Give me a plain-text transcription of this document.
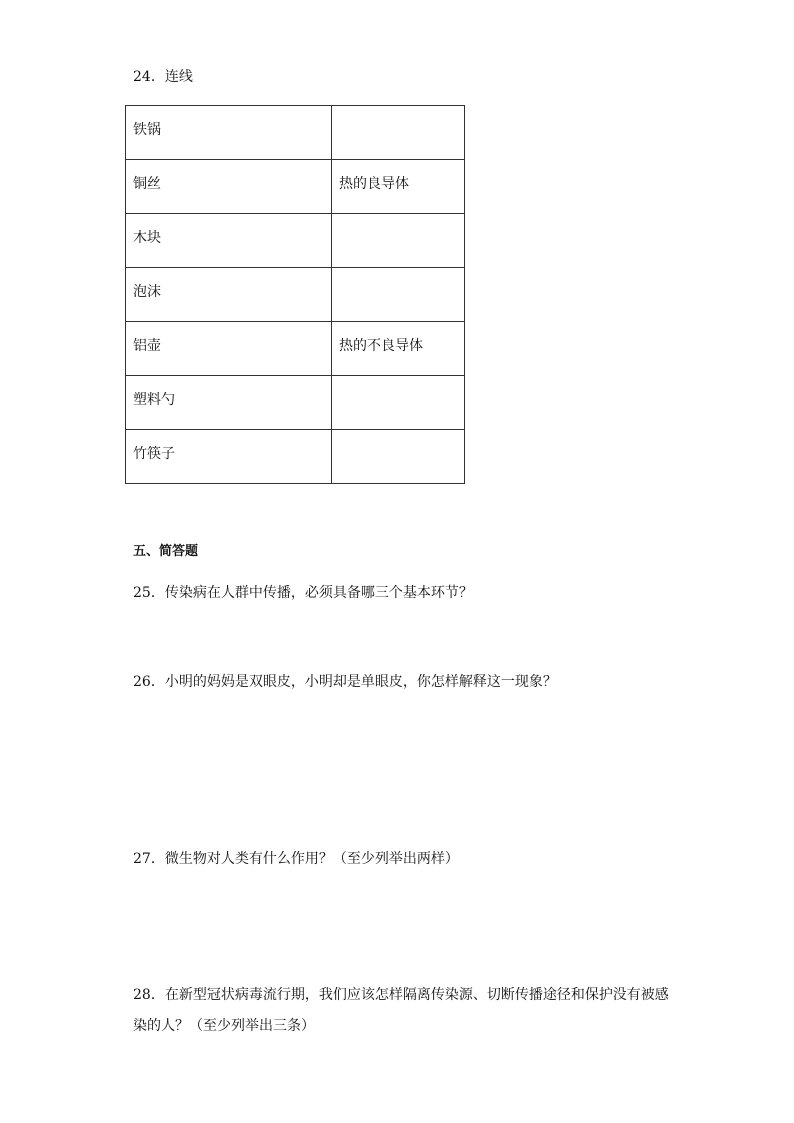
24．连线
铁锅	
铜丝	热的良导体
木块	
泡沫	
铝壶	热的不良导体
塑料勺	
竹筷子	
五、简答题
25．传染病在人群中传播，必须具备哪三个基本环节？
26．小明的妈妈是双眼皮，小明却是单眼皮，你怎样解释这一现象？
27．微生物对人类有什么作用？（至少列举出两样）
28．在新型冠状病毒流行期，我们应该怎样隔离传染源、切断传播途径和保护没有被感
染的人？（至少列举出三条）
